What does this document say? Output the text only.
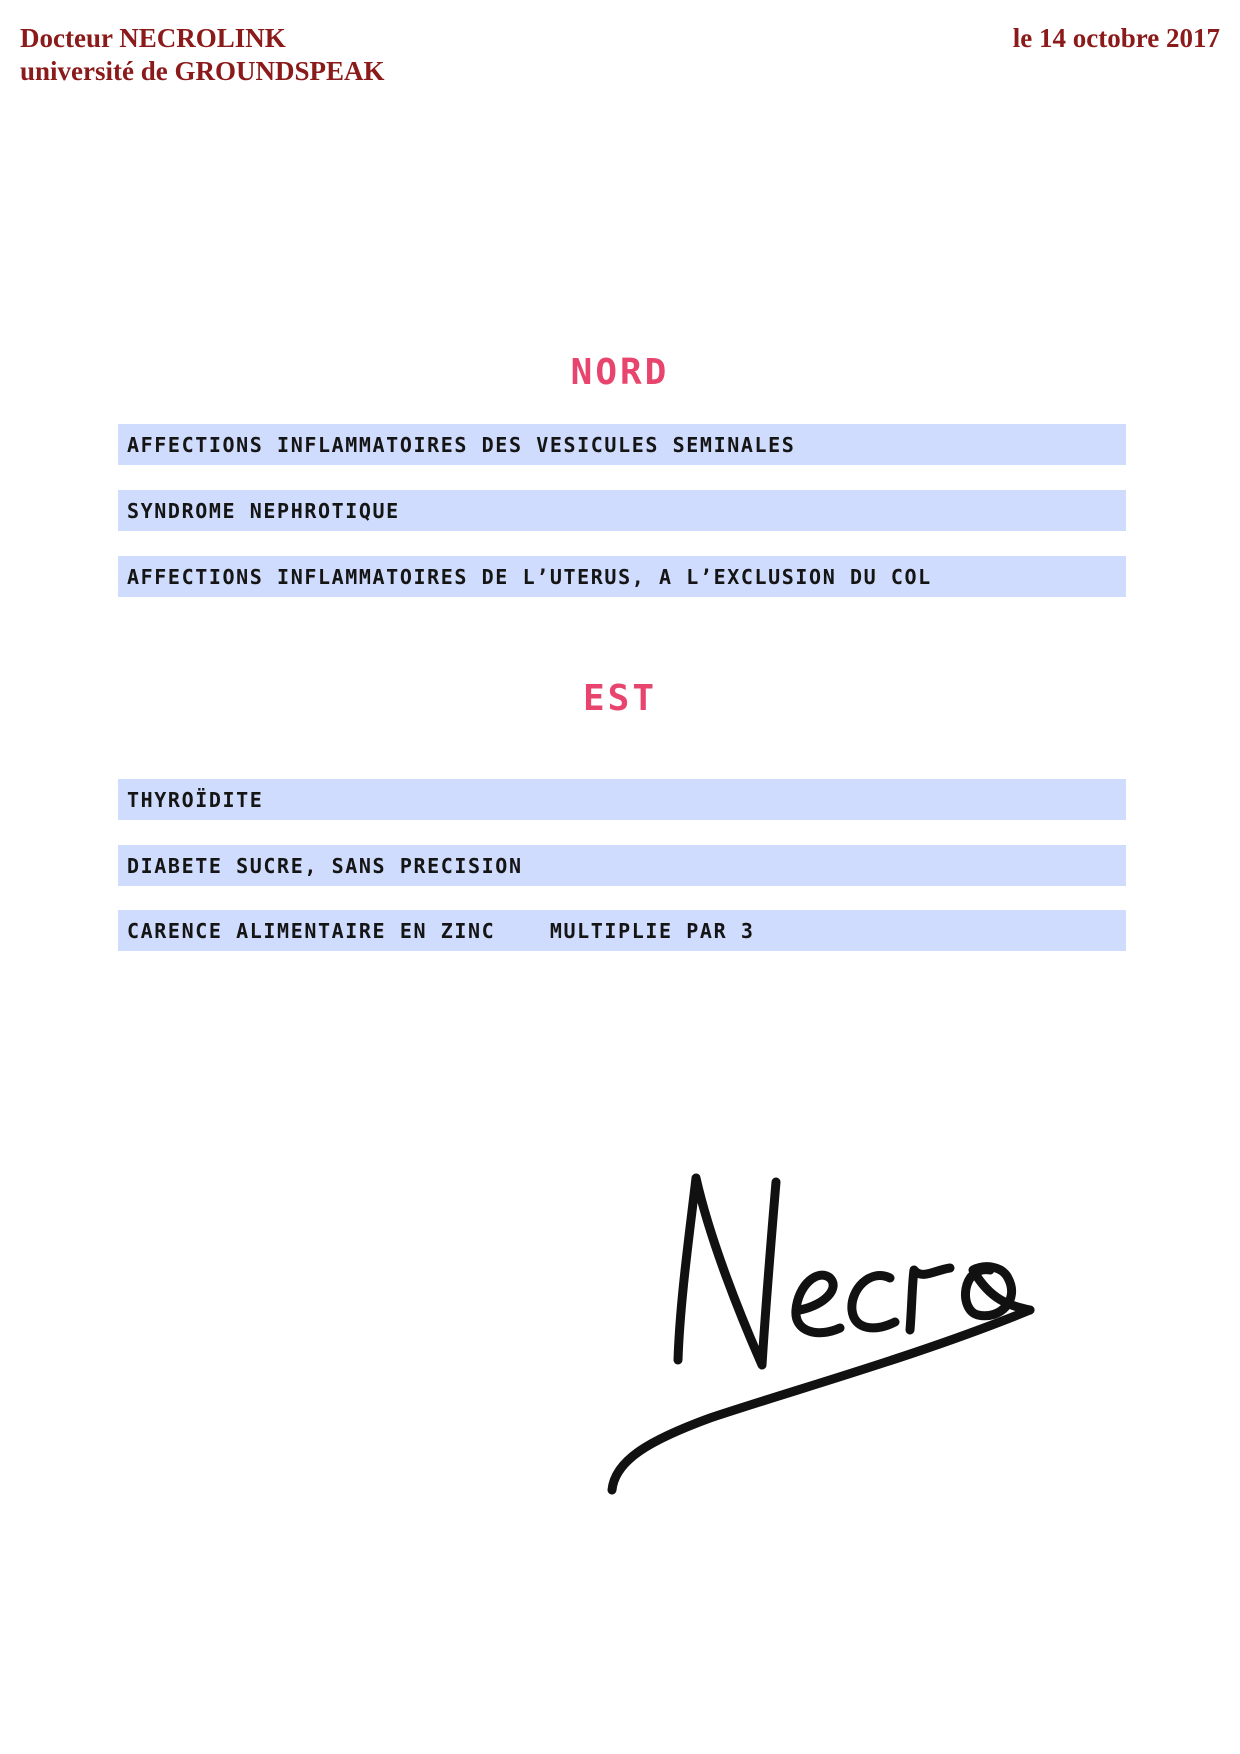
Docteur NECROLINK
université de GROUNDSPEAK
le 14 octobre 2017
NORD
AFFECTIONS INFLAMMATOIRES DES VESICULES SEMINALES
SYNDROME NEPHROTIQUE
AFFECTIONS INFLAMMATOIRES DE L’UTERUS, A L’EXCLUSION DU COL
EST
THYROÏDITE
DIABETE SUCRE, SANS PRECISION
CARENCE ALIMENTAIRE EN ZINC    MULTIPLIE PAR 3
